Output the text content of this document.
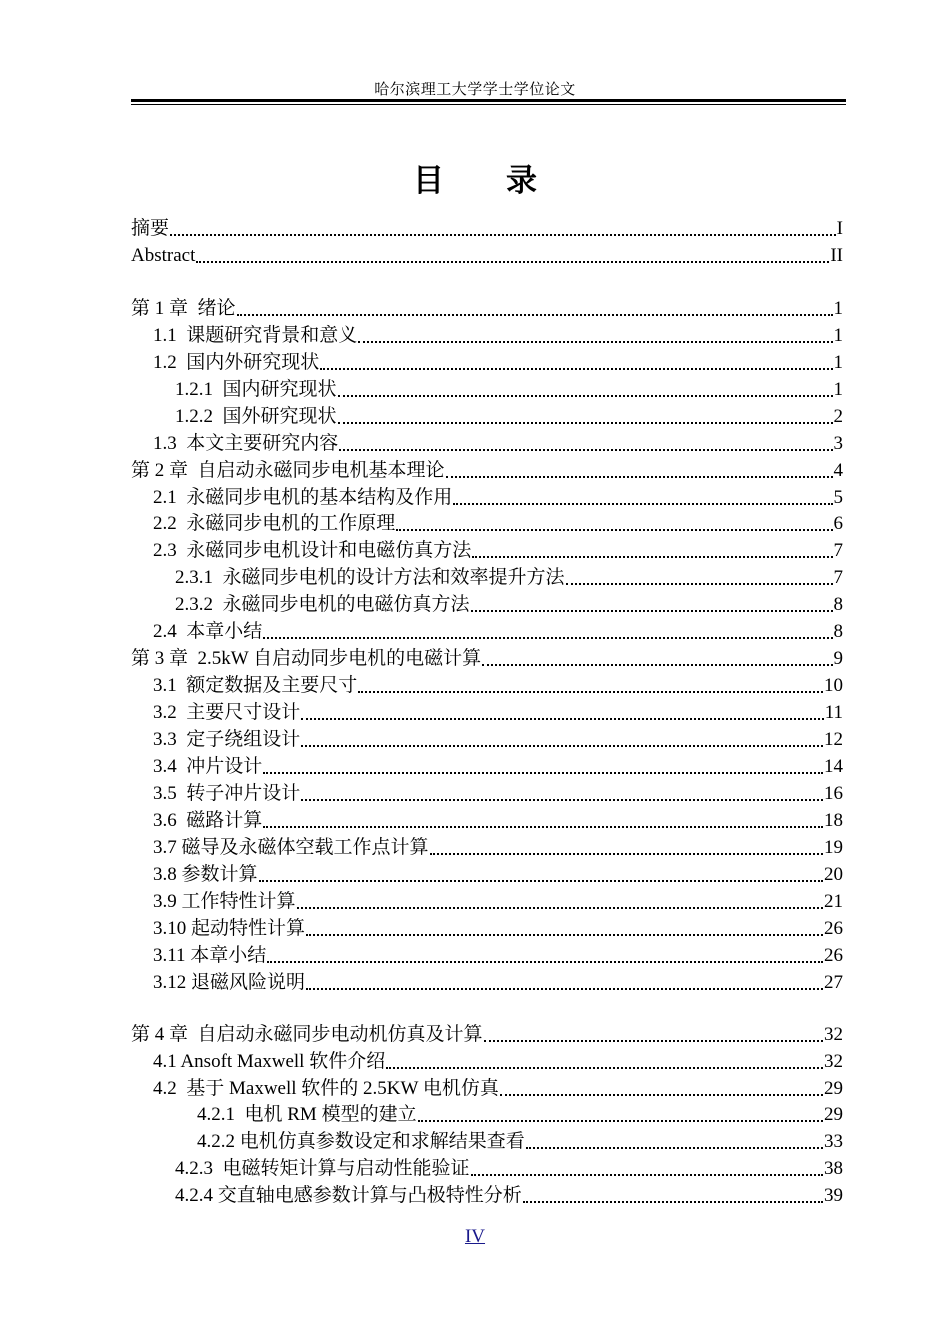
哈尔滨理工大学学士学位论文
目 录
摘要	I
Abstract	II
第 1 章  绪论	1
1.1  课题研究背景和意义	1
1.2  国内外研究现状	1
1.2.1  国内研究现状	1
1.2.2  国外研究现状	2
1.3  本文主要研究内容	3
第 2 章  自启动永磁同步电机基本理论	4
2.1  永磁同步电机的基本结构及作用	5
2.2  永磁同步电机的工作原理	6
2.3  永磁同步电机设计和电磁仿真方法	7
2.3.1  永磁同步电机的设计方法和效率提升方法	7
2.3.2  永磁同步电机的电磁仿真方法	8
2.4  本章小结	8
第 3 章  2.5kW 自启动同步电机的电磁计算	9
3.1  额定数据及主要尺寸	10
3.2  主要尺寸设计	11
3.3  定子绕组设计	12
3.4  冲片设计	14
3.5  转子冲片设计	16
3.6  磁路计算	18
3.7 磁导及永磁体空载工作点计算	19
3.8 参数计算	20
3.9 工作特性计算	21
3.10 起动特性计算	26
3.11 本章小结	26
3.12 退磁风险说明	27
第 4 章  自启动永磁同步电动机仿真及计算	32
4.1 Ansoft Maxwell 软件介绍	32
4.2  基于 Maxwell 软件的 2.5KW 电机仿真	29
4.2.1  电机 RM 模型的建立	29
4.2.2 电机仿真参数设定和求解结果查看	33
4.2.3  电磁转矩计算与启动性能验证	38
4.2.4 交直轴电感参数计算与凸极特性分析	39
IV
